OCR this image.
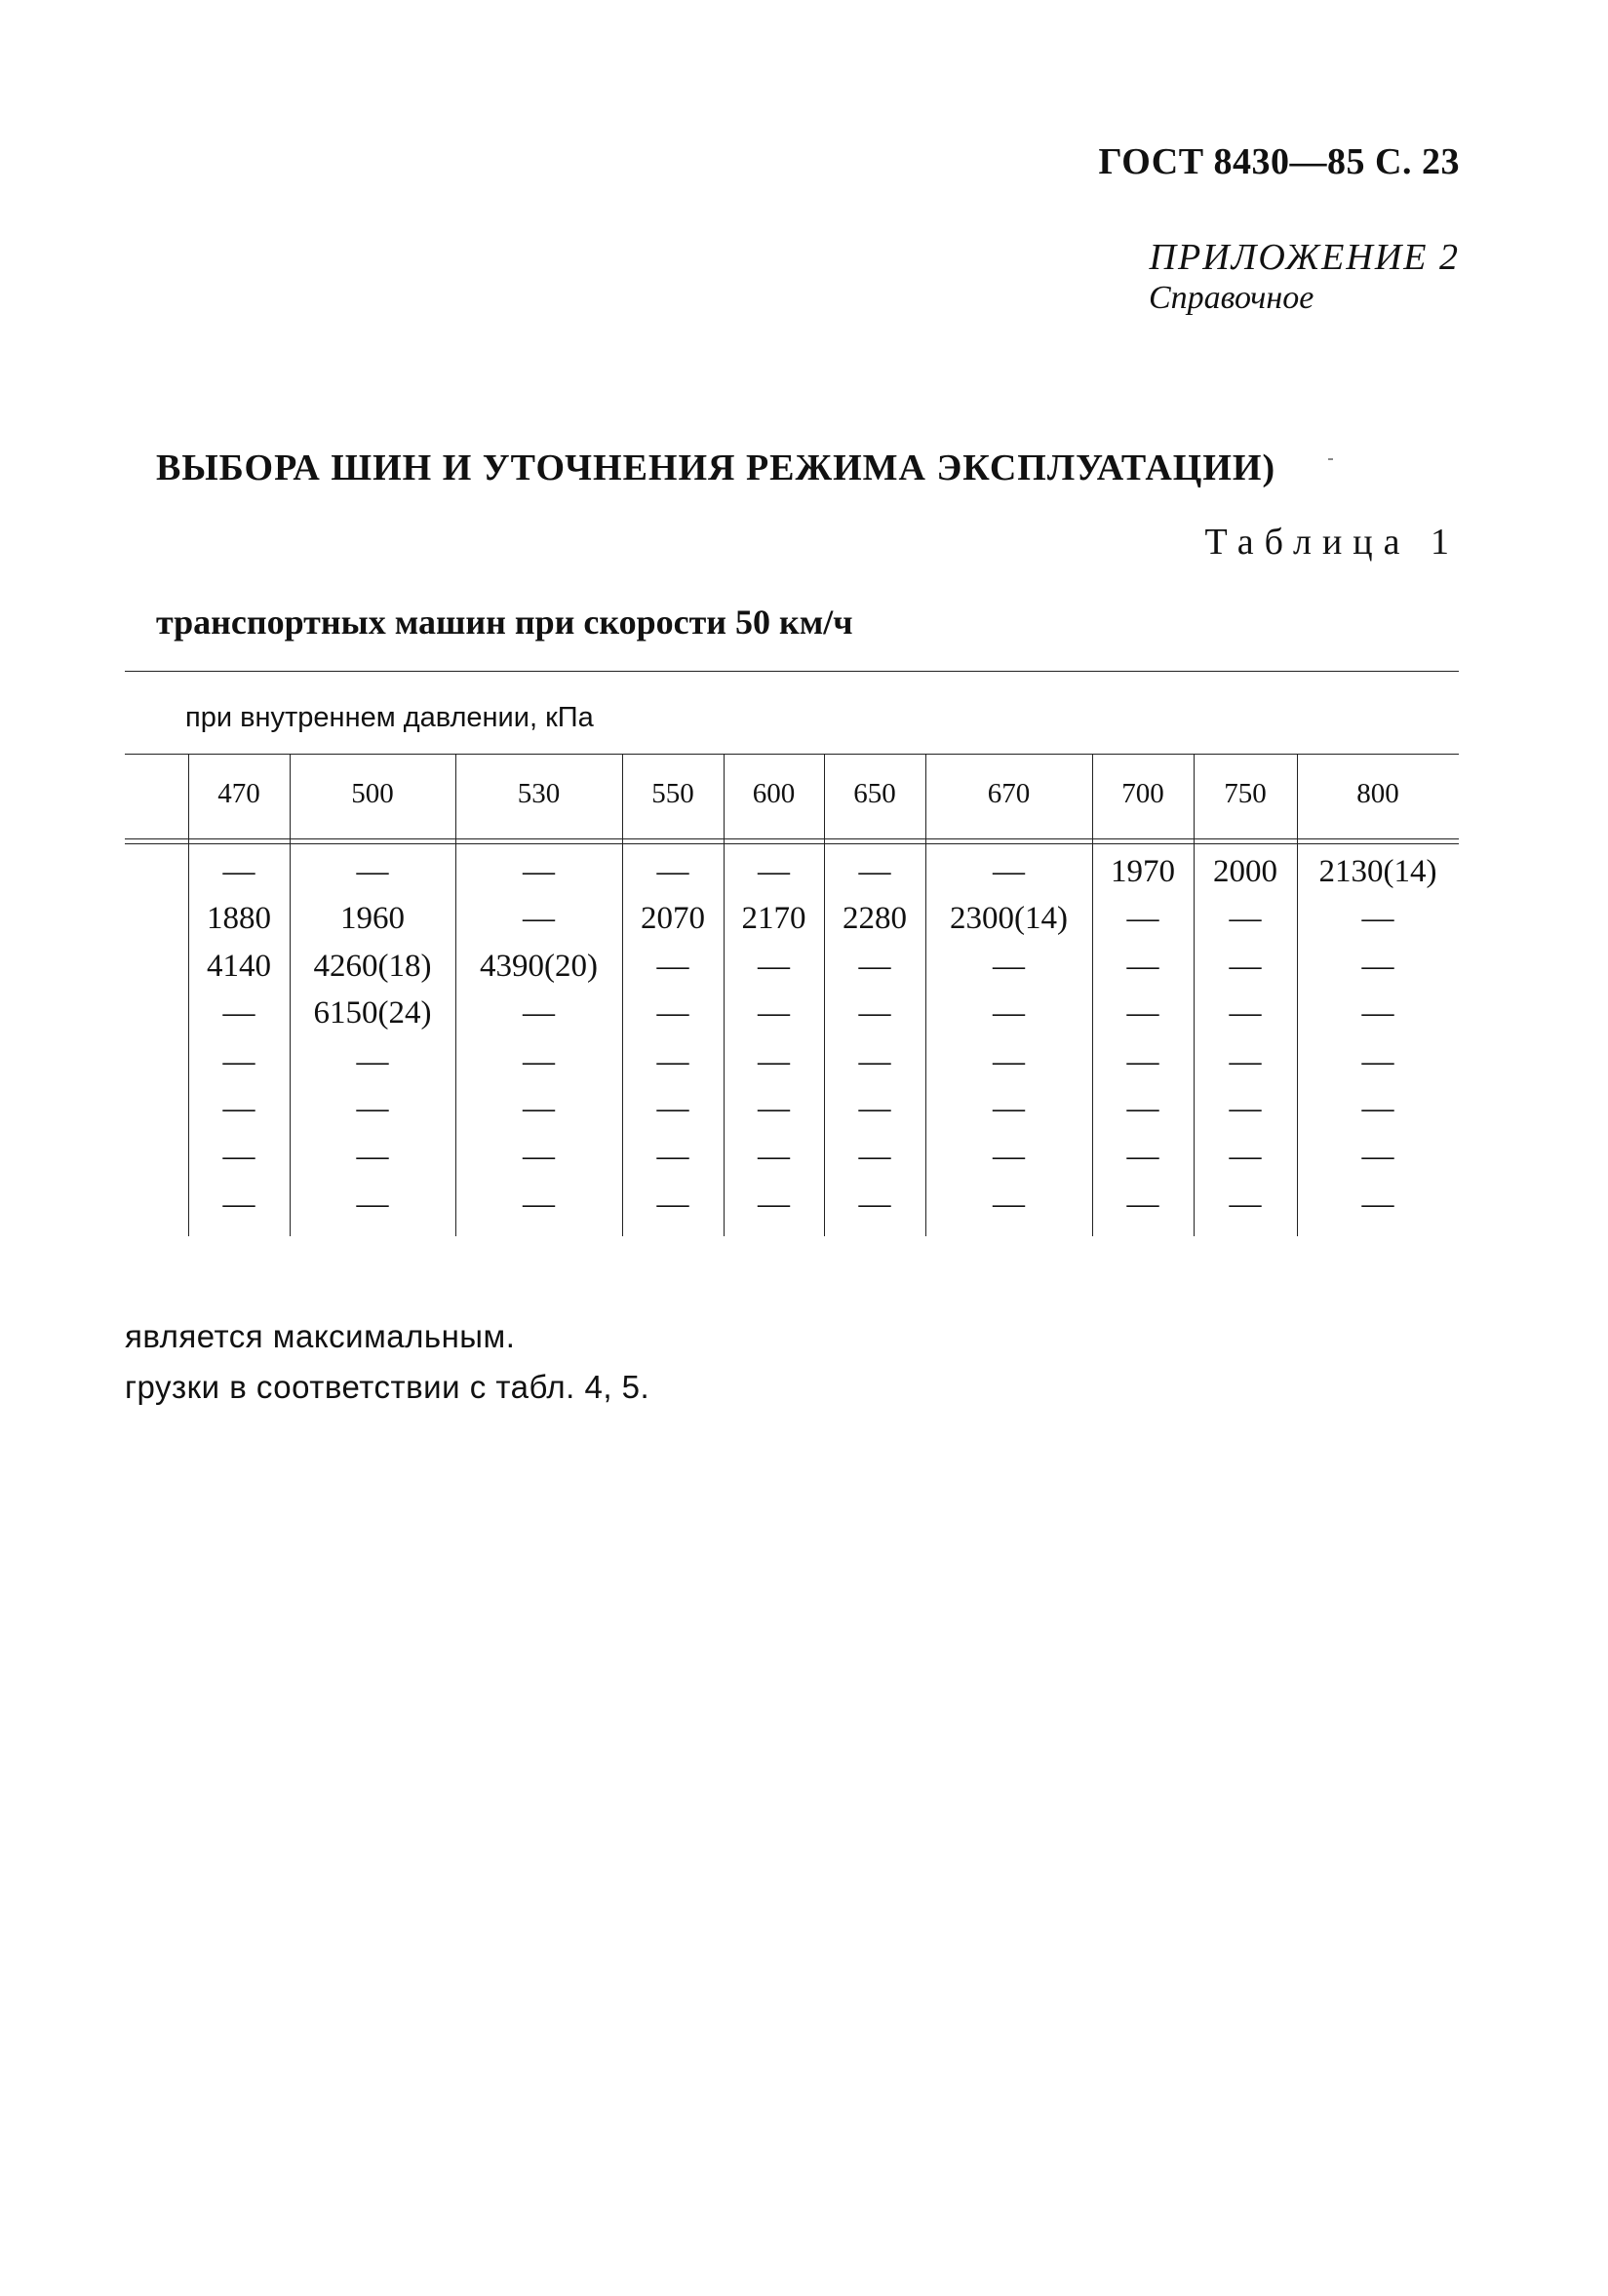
ГОСТ 8430—85 С. 23
ПРИЛОЖЕНИЕ 2
Справочное
ВЫБОРА ШИН И УТОЧНЕНИЯ РЕЖИМА ЭКСПЛУАТАЦИИ)
Таблица 1
транспортных машин при скорости 50 км/ч
при внутреннем давлении, кПа
470	500	530	550	600	650	670	700	750	800
—	—	—	—	—	—	—	1970	2000	2130(14)
1880	1960	—	2070	2170	2280	2300(14)	—	—	—
4140	4260(18)	4390(20)	—	—	—	—	—	—	—
—	6150(24)	—	—	—	—	—	—	—	—
—	—	—	—	—	—	—	—	—	—
—	—	—	—	—	—	—	—	—	—
—	—	—	—	—	—	—	—	—	—
—	—	—	—	—	—	—	—	—	—
является максимальным.
грузки в соответствии с табл. 4, 5.
